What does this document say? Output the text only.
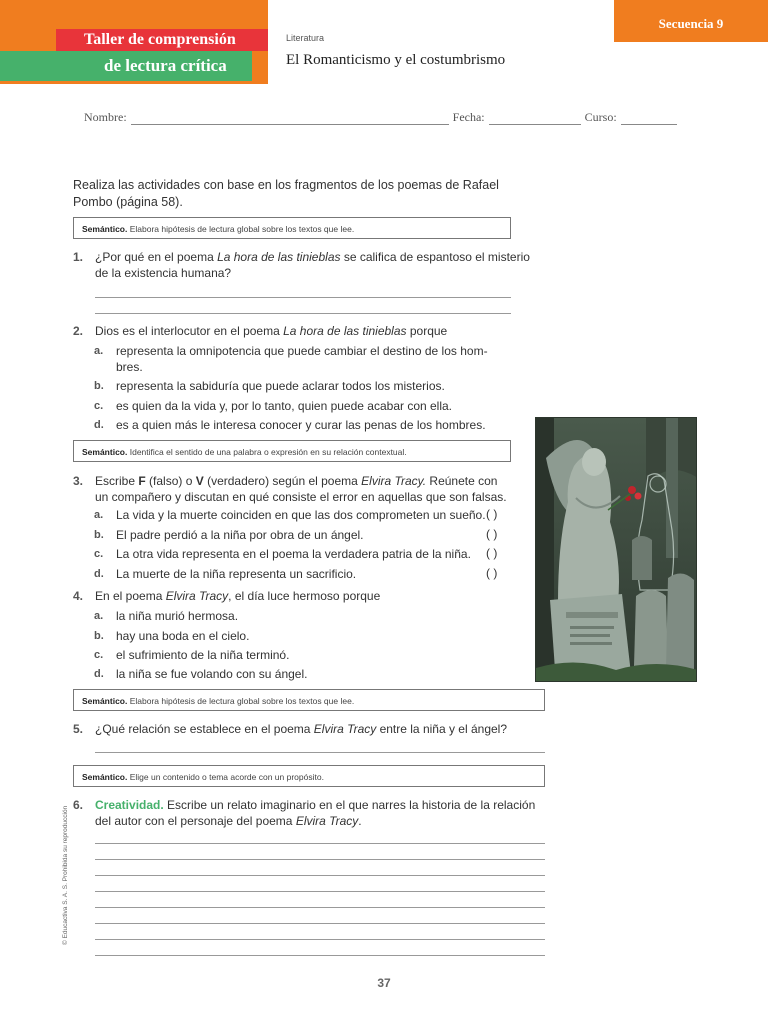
Taller de comprensión
de lectura crítica
Literatura
El Romanticismo y el costumbrismo
Secuencia 9
Nombre:	Fecha:	Curso:
Realiza las actividades con base en los fragmentos de los poemas de Rafael Pombo (página 58).
Semántico. Elabora hipótesis de lectura global sobre los textos que lee.
1. ¿Por qué en el poema La hora de las tinieblas se califica de espantoso el misterio de la existencia humana?
2. Dios es el interlocutor en el poema La hora de las tinieblas porque
a. representa la omnipotencia que puede cambiar el destino de los hom-
bres.
b. representa la sabiduría que puede aclarar todos los misterios.
c. es quien da la vida y, por lo tanto, quien puede acabar con ella.
d. es a quien más le interesa conocer y curar las penas de los hombres.
Semántico. Identifica el sentido de una palabra o expresión en su relación contextual.
3. Escribe F (falso) o V (verdadero) según el poema Elvira Tracy. Reúnete con
un compañero y discutan en qué consiste el error en aquellas que son falsas.
a. La vida y la muerte coinciden en que las dos comprometen un sueño.
b. El padre perdió a la niña por obra de un ángel.
c. La otra vida representa en el poema la verdadera patria de la niña.
d. La muerte de la niña representa un sacrificio.
( )
( )
( )
( )
4. En el poema Elvira Tracy, el día luce hermoso porque
a. la niña murió hermosa.
b. hay una boda en el cielo.
c. el sufrimiento de la niña terminó.
d. la niña se fue volando con su ángel.
Semántico. Elabora hipótesis de lectura global sobre los textos que lee.
5. ¿Qué relación se establece en el poema Elvira Tracy entre la niña y el ángel?
Semántico. Elige un contenido o tema acorde con un propósito.
6. Creatividad. Escribe un relato imaginario en el que narres la historia de la relación
del autor con el personaje del poema Elvira Tracy.
© Educactiva S. A. S. Prohibida su reproducción
37
